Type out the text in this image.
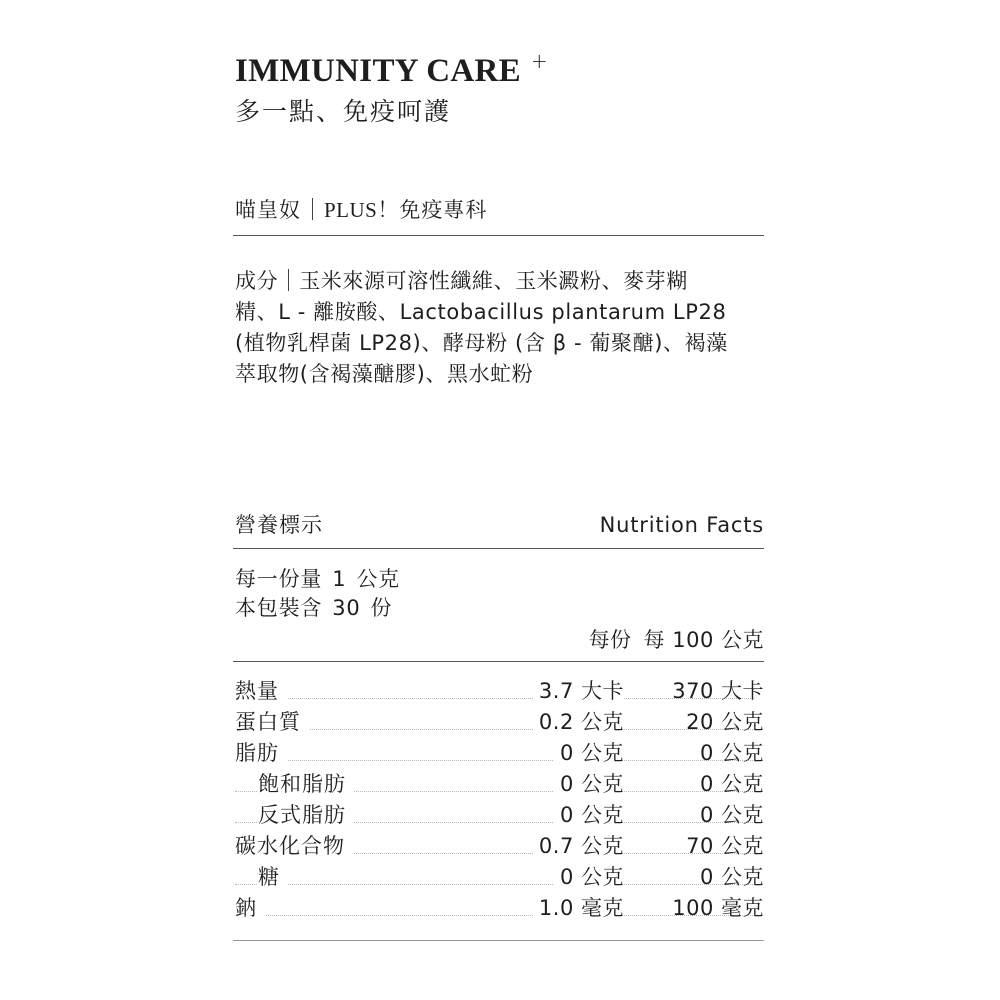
IMMUNITY CARE +
多一點、免疫呵護
喵皇奴 PLUS！免疫專科
成分 玉米來源可溶性纖維、玉米澱粉、麥芽糊
精、L - 離胺酸、Lactobacillus plantarum LP28
(植物乳桿菌 LP28)、酵母粉 (含 β - 葡聚醣)、褐藻
萃取物(含褐藻醣膠)、黑水虻粉
營養標示	Nutrition Facts
每一份量 1 公克
本包裝含 30 份
每份 每 100 公克
熱量	3.7 大卡 370 大卡
蛋白質	0.2 公克	20 公克
脂肪	0 公克	0 公克
飽和脂肪	0 公克	0 公克
反式脂肪	0 公克	0 公克
碳水化合物	0.7 公克	70 公克
糖	0 公克	0 公克
鈉	1.0 毫克 100 毫克
